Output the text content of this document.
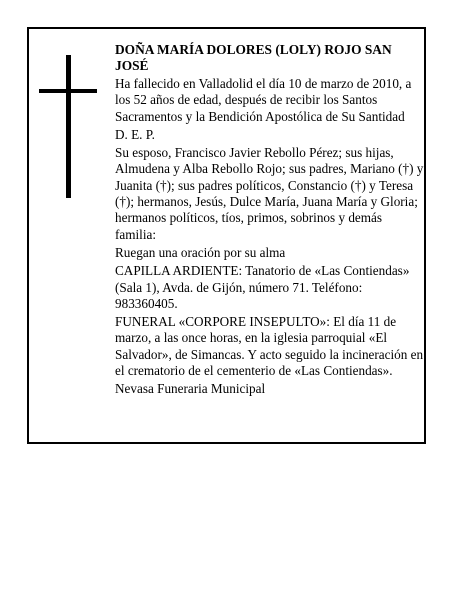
DOÑA MARÍA DOLORES (LOLY) ROJO SAN JOSÉ
Ha fallecido en Valladolid el día 10 de marzo de 2010, a los 52 años de edad, después de recibir los Santos Sacramentos y la Bendición Apostólica de Su Santidad
D. E. P.
Su esposo, Francisco Javier Rebollo Pérez; sus hijas, Almudena y Alba Rebollo Rojo; sus padres, Mariano (†) y Juanita (†); sus padres políticos, Constancio (†) y Teresa (†); hermanos, Jesús, Dulce María, Juana María y Gloria; hermanos políticos, tíos, primos, sobrinos y demás familia:
Ruegan una oración por su alma
CAPILLA ARDIENTE: Tanatorio de «Las Contiendas» (Sala 1), Avda. de Gijón, número 71. Teléfono: 983360405.
FUNERAL «CORPORE INSEPULTO»: El día 11 de marzo, a las once horas, en la iglesia parroquial «El Salvador», de Simancas. Y acto seguido la incineración en el crematorio de el cementerio de «Las Contiendas».
Nevasa Funeraria Municipal
